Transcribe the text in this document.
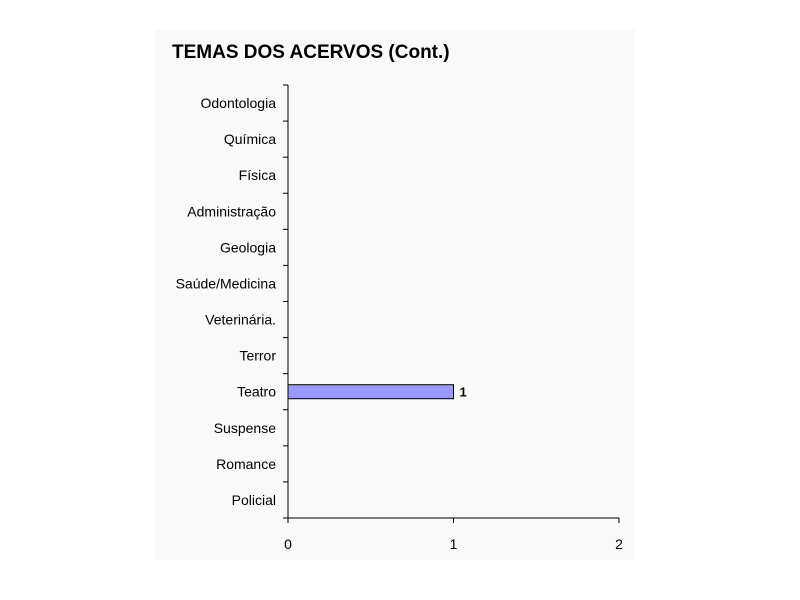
TEMAS DOS ACERVOS (Cont.)
Odontologia
Química
Física
Administração
Geologia
Saúde/Medicina
Veterinária.
Terror
Teatro	1
Suspense
Romance
Policial
0	1	2
